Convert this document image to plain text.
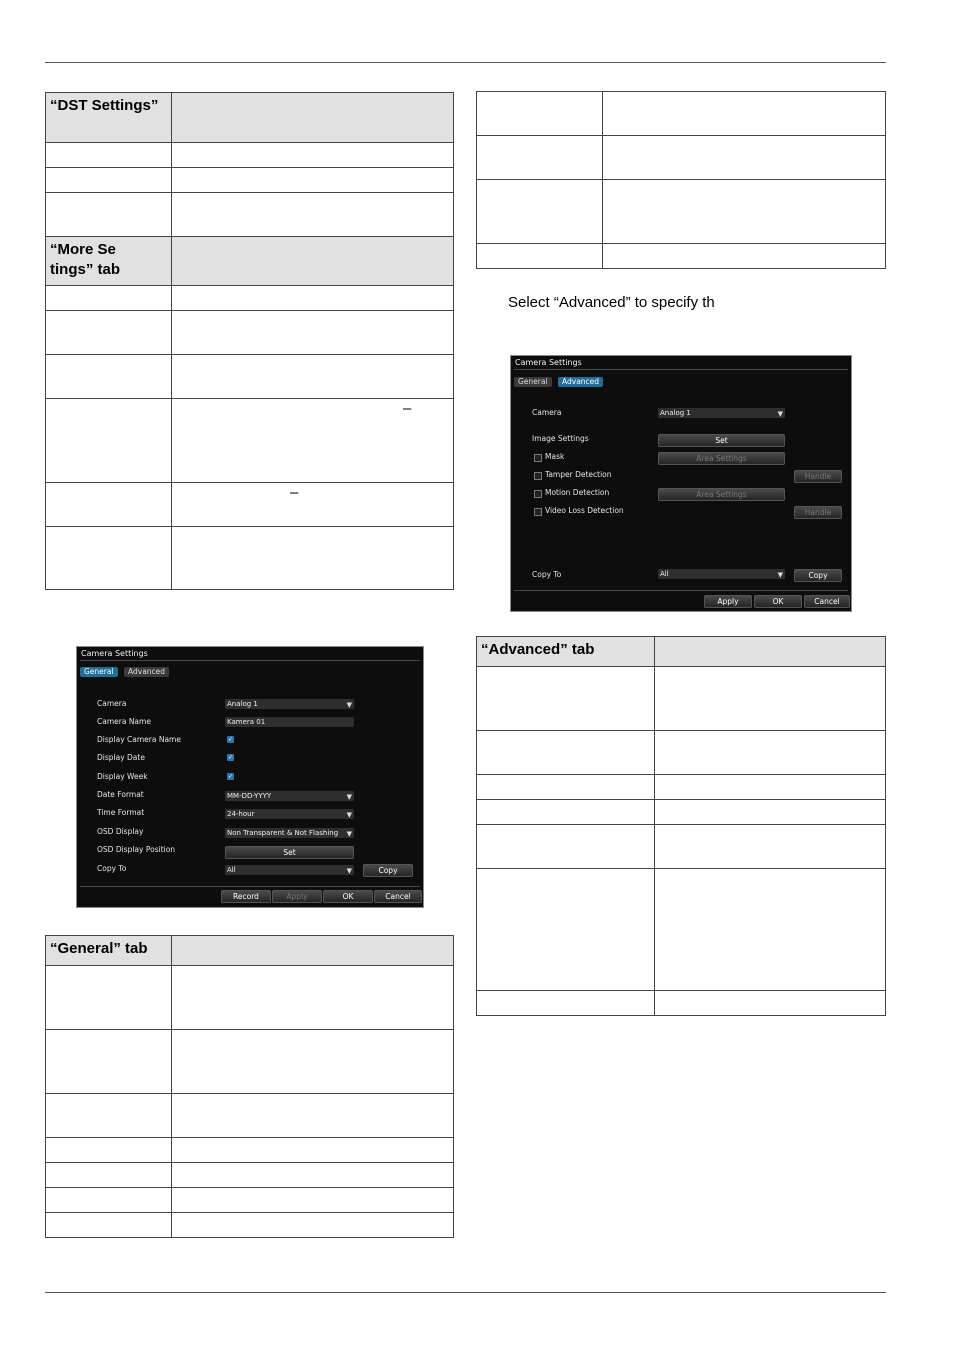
“DST Settings”	

“More Se
tings” tab	

	–

	–

Select “Advanced” to specify th
Camera Settings
General	Advanced
Camera	Analog 1	▼
Image Settings	Set
Mask	Area Settings
Tamper Detection	Handle
Motion Detection	Area Settings
Video Loss Detection	Handle
Copy To	All	▼	Copy
Apply	OK	Cancel
“Advanced” tab	

Camera Settings
General	Advanced
Camera	Analog 1	▼
Camera Name	Kamera 01
Display Camera Name	✓
Display Date	✓
Display Week	✓
Date Format	MM-DD-YYYY	▼
Time Format	24-hour	▼
OSD Display	Non Transparent & Not Flashing ▼
OSD Display Position	Set
Copy To	All	▼	Copy
Record	Apply	OK	Cancel
“General” tab	
